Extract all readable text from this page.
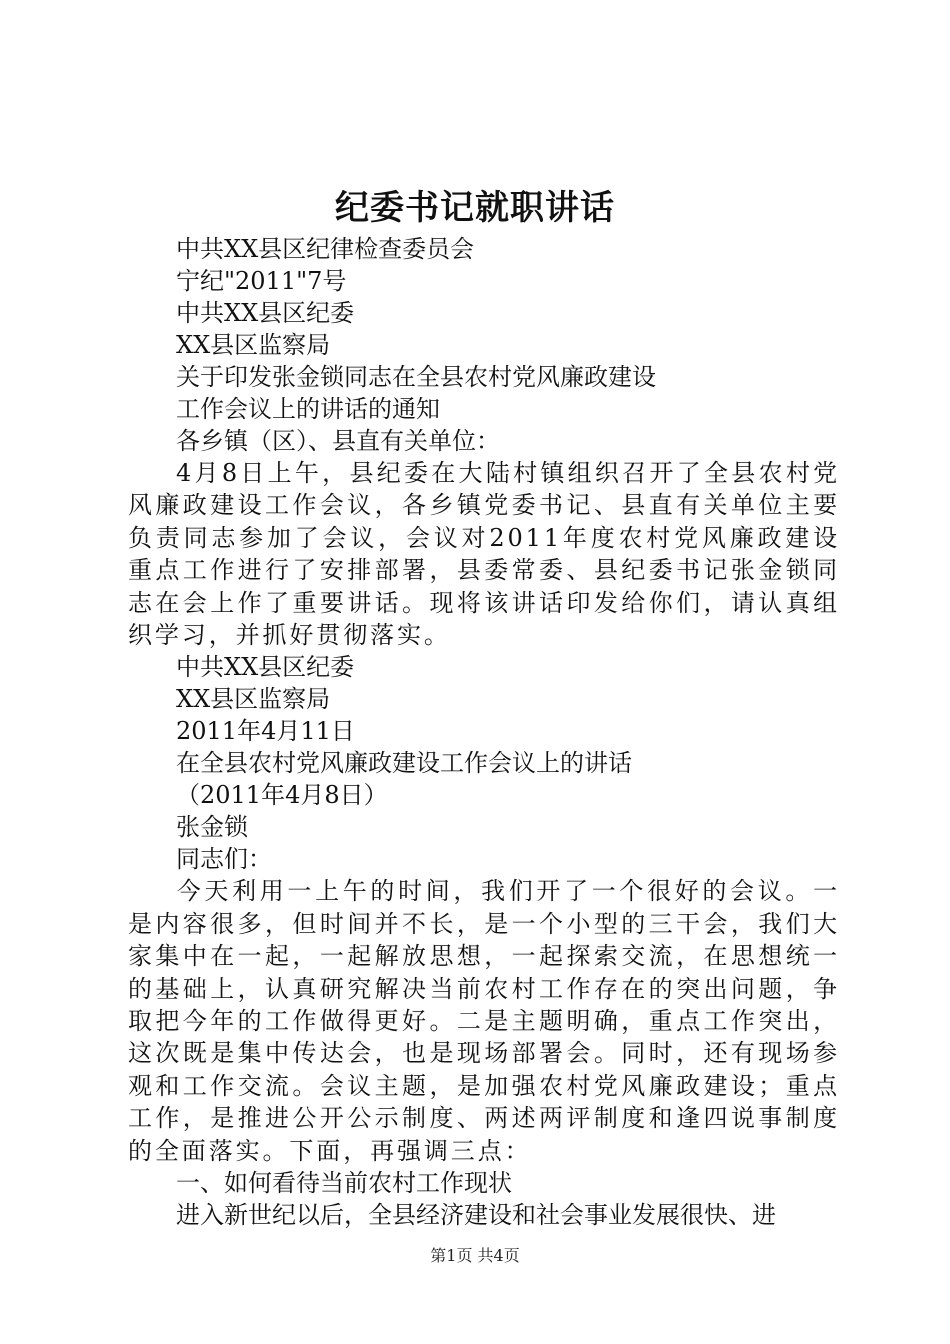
纪委书记就职讲话

中共XX县区纪律检查委员会

宁纪"2011"7号

中共XX县区纪委

XX县区监察局

关于印发张金锁同志在全县农村党风廉政建设

工作会议上的讲话的通知

各乡镇（区）、县直有关单位：

4月8日上午，县纪委在大陆村镇组织召开了全县农村党风廉政建设工作会议，各乡镇党委书记、县直有关单位主要负责同志参加了会议，会议对2011年度农村党风廉政建设重点工作进行了安排部署，县委常委、县纪委书记张金锁同志在会上作了重要讲话。现将该讲话印发给你们，请认真组织学习，并抓好贯彻落实。

中共XX县区纪委

XX县区监察局

2011年4月11日

在全县农村党风廉政建设工作会议上的讲话

（2011年4月8日）

张金锁

同志们：

今天利用一上午的时间，我们开了一个很好的会议。一是内容很多，但时间并不长，是一个小型的三干会，我们大家集中在一起，一起解放思想，一起探索交流，在思想统一的基础上，认真研究解决当前农村工作存在的突出问题，争取把今年的工作做得更好。二是主题明确，重点工作突出，这次既是集中传达会，也是现场部署会。同时，还有现场参观和工作交流。会议主题，是加强农村党风廉政建设；重点工作，是推进公开公示制度、两述两评制度和逢四说事制度的全面落实。下面，再强调三点：

一、如何看待当前农村工作现状

进入新世纪以后，全县经济建设和社会事业发展很快、进

第1页 共4页
